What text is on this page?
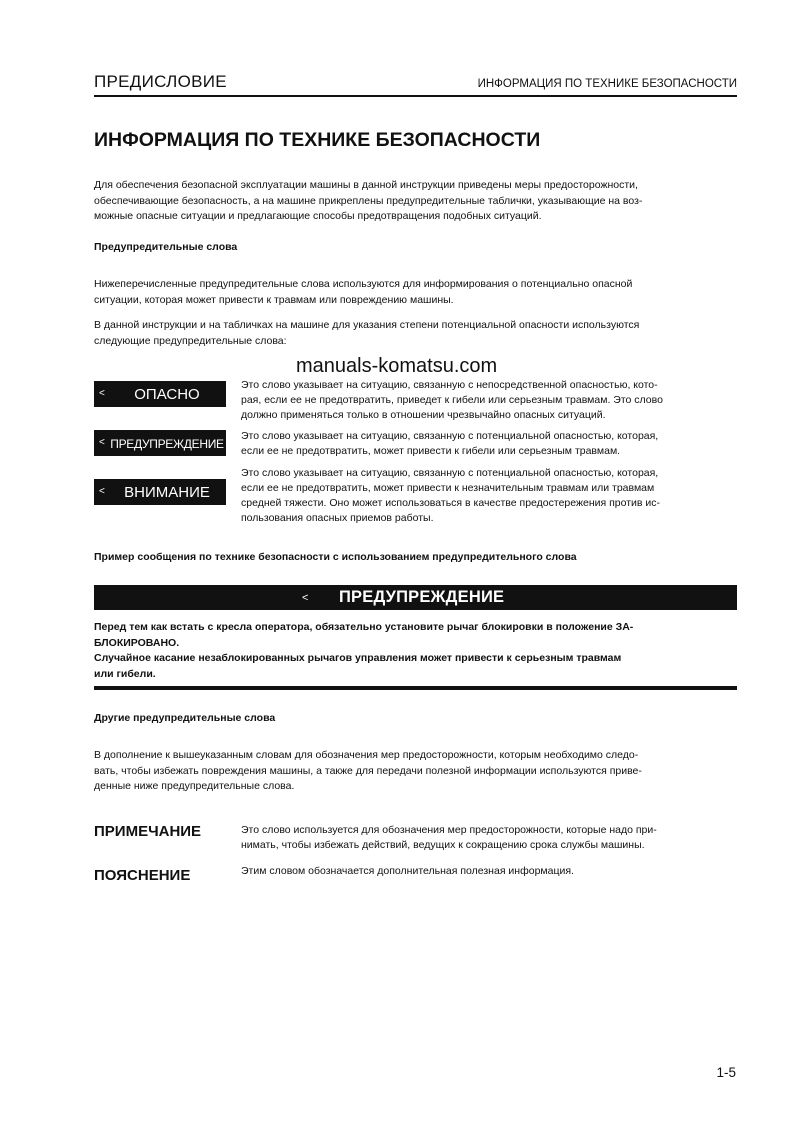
ПРЕДИСЛОВИЕ	ИНФОРМАЦИЯ ПО ТЕХНИКЕ БЕЗОПАСНОСТИ
ИНФОРМАЦИЯ ПО ТЕХНИКЕ БЕЗОПАСНОСТИ
Для обеспечения безопасной эксплуатации машины в данной инструкции приведены меры предосторожности,
обеспечивающие безопасность, а на машине прикреплены предупредительные таблички, указывающие на воз-
можные опасные ситуации и предлагающие способы предотвращения подобных ситуаций.
Предупредительные слова
Нижеперечисленные предупредительные слова используются для информирования о потенциально опасной
ситуации, которая может привести к травмам или повреждению машины.
В данной инструкции и на табличках на машине для указания степени потенциальной опасности используются
следующие предупредительные слова:
manuals-komatsu.com
<	ОПАСНО
Это слово указывает на ситуацию, связанную с непосредственной опасностью, кото-
рая, если ее не предотвратить, приведет к гибели или серьезным травмам. Это слово
должно применяться только в отношении чрезвычайно опасных ситуаций.
< ПРЕДУПРЕЖДЕНИЕ
Это слово указывает на ситуацию, связанную с потенциальной опасностью, которая,
если ее не предотвратить, может привести к гибели или серьезным травмам.
<	ВНИМАНИЕ
Это слово указывает на ситуацию, связанную с потенциальной опасностью, которая,
если ее не предотвратить, может привести к незначительным травмам или травмам
средней тяжести. Оно может использоваться в качестве предостережения против ис-
пользования опасных приемов работы.
Пример сообщения по технике безопасности с использованием предупредительного слова
< ПРЕДУПРЕЖДЕНИЕ
Перед тем как встать с кресла оператора, обязательно установите рычаг блокировки в положение ЗА-
БЛОКИРОВАНО.
Случайное касание незаблокированных рычагов управления может привести к серьезным травмам
или гибели.
Другие предупредительные слова
В дополнение к вышеуказанным словам для обозначения мер предосторожности, которым необходимо следо-
вать, чтобы избежать повреждения машины, а также для передачи полезной информации используются приве-
денные ниже предупредительные слова.
ПРИМЕЧАНИЕ	Это слово используется для обозначения мер предосторожности, которые надо при-
нимать, чтобы избежать действий, ведущих к сокращению срока службы машины.
ПОЯСНЕНИЕ	Этим словом обозначается дополнительная полезная информация.
1-5
